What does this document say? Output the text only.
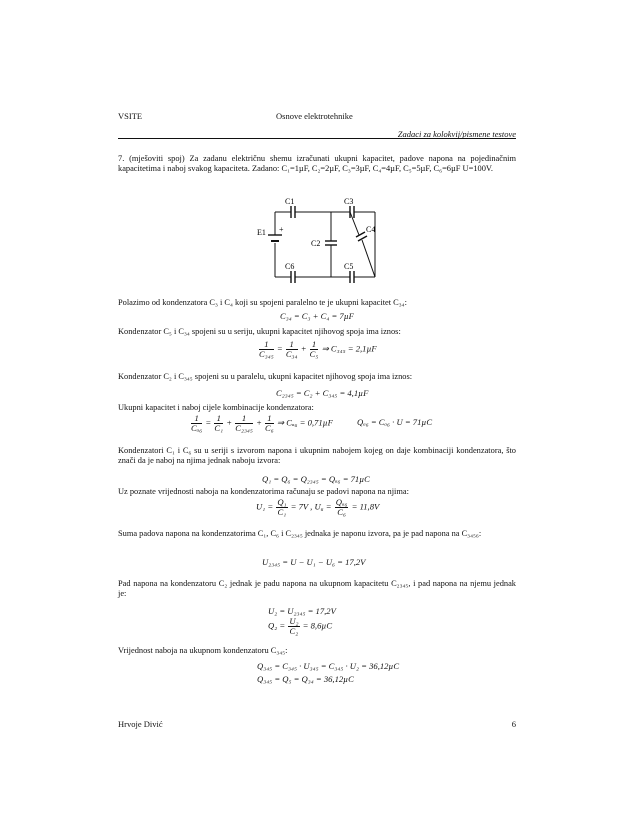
VSITE	Osnove elektrotehnike
Zadaci za kolokvij/pismene testove
7. (mješoviti spoj) Za zadanu električnu shemu izračunati ukupni kapacitet, padove napona na pojedinačnim kapacitetima i naboj svakog kapaciteta. Zadano: C₁=1µF, C₂=2µF, C₃=3µF, C₄=4µF, C₅=5µF, C₆=6µF U=100V.
C1	C3
C2
C4
C6	C5
E1 +
Polazimo od kondenzatora C₃ i C₄ koji su spojeni paralelno te je ukupni kapacitet C₃₄:
C₃₄ = C₃ + C₄ = 7µF
Kondenzator C₅ i C₃₄ spojeni su u seriju, ukupni kapacitet njihovog spoja ima iznos:
$\frac{1}{\text{C₃₄₅}} = \frac{1}{\text{C₃₄}} + \frac{1}{\text{C₅}}$ ⇒ C₃₄₅ = 2,1µF
Kondenzator C₂ i C₃₄₅ spojeni su u paralelu, ukupni kapacitet njihovog spoja ima iznos:
C₂₃₄₅ = C₂ + C₃₄₅ = 4,1µF
Ukupni kapacitet i naboj cijele kombinacije kondenzatora:
$\frac{1}{\text{Cₐ₆}} = \frac{1}{\text{C₁}} + \frac{1}{\text{C₂₃₄₅}} + \frac{1}{\text{C₆}}$ ⇒ Cₐ₆ = 0,71µF	Qₐ₆ = Cₐ₆ · U = 71µC
Kondenzatori C₁ i C₆ su u seriji s izvorom napona i ukupnim nabojem kojeg on daje kombinaciji kondenzatora, što znači da je naboj na njima jednak naboju izvora:
Q₁ = Q₆ = Q₂₃₄₅ = Qₐ₆ = 71µC
Uz poznate vrijednosti naboja na kondenzatorima računaju se padovi napona na njima:
$U_1 = \frac{\text{Q₁}}{\text{C₁}} = 7V$ , $U_6 = \frac{\text{Qₐ₆}}{\text{C₆}} = 11,8V$
Suma padova napona na kondenzatorima C₁, C₆ i C₂₃₄₅ jednaka je naponu izvora, pa je pad napona na C₃₄₅₆:
U₂₃₄₅ = U − U₁ − U₆ = 17,2V
Pad napona na kondenzatoru C₂ jednak je padu napona na ukupnom kapacitetu C₂₃₄₅, i pad napona na njemu jednak je:
U₂ = U₂₃₄₅ = 17,2V
$Q_2 = \frac{\text{U₂}}{\text{C₂}} = 8,6\mu C$
Vrijednost naboja na ukupnom kondenzatoru C₃₄₅:
Q₃₄₅ = C₃₄₅ · U₃₄₅ = C₃₄₅ · U₂ = 36,12µC
Q₃₄₅ = Q₅ = Q₃₄ = 36,12µC
Hrvoje Divić	6
